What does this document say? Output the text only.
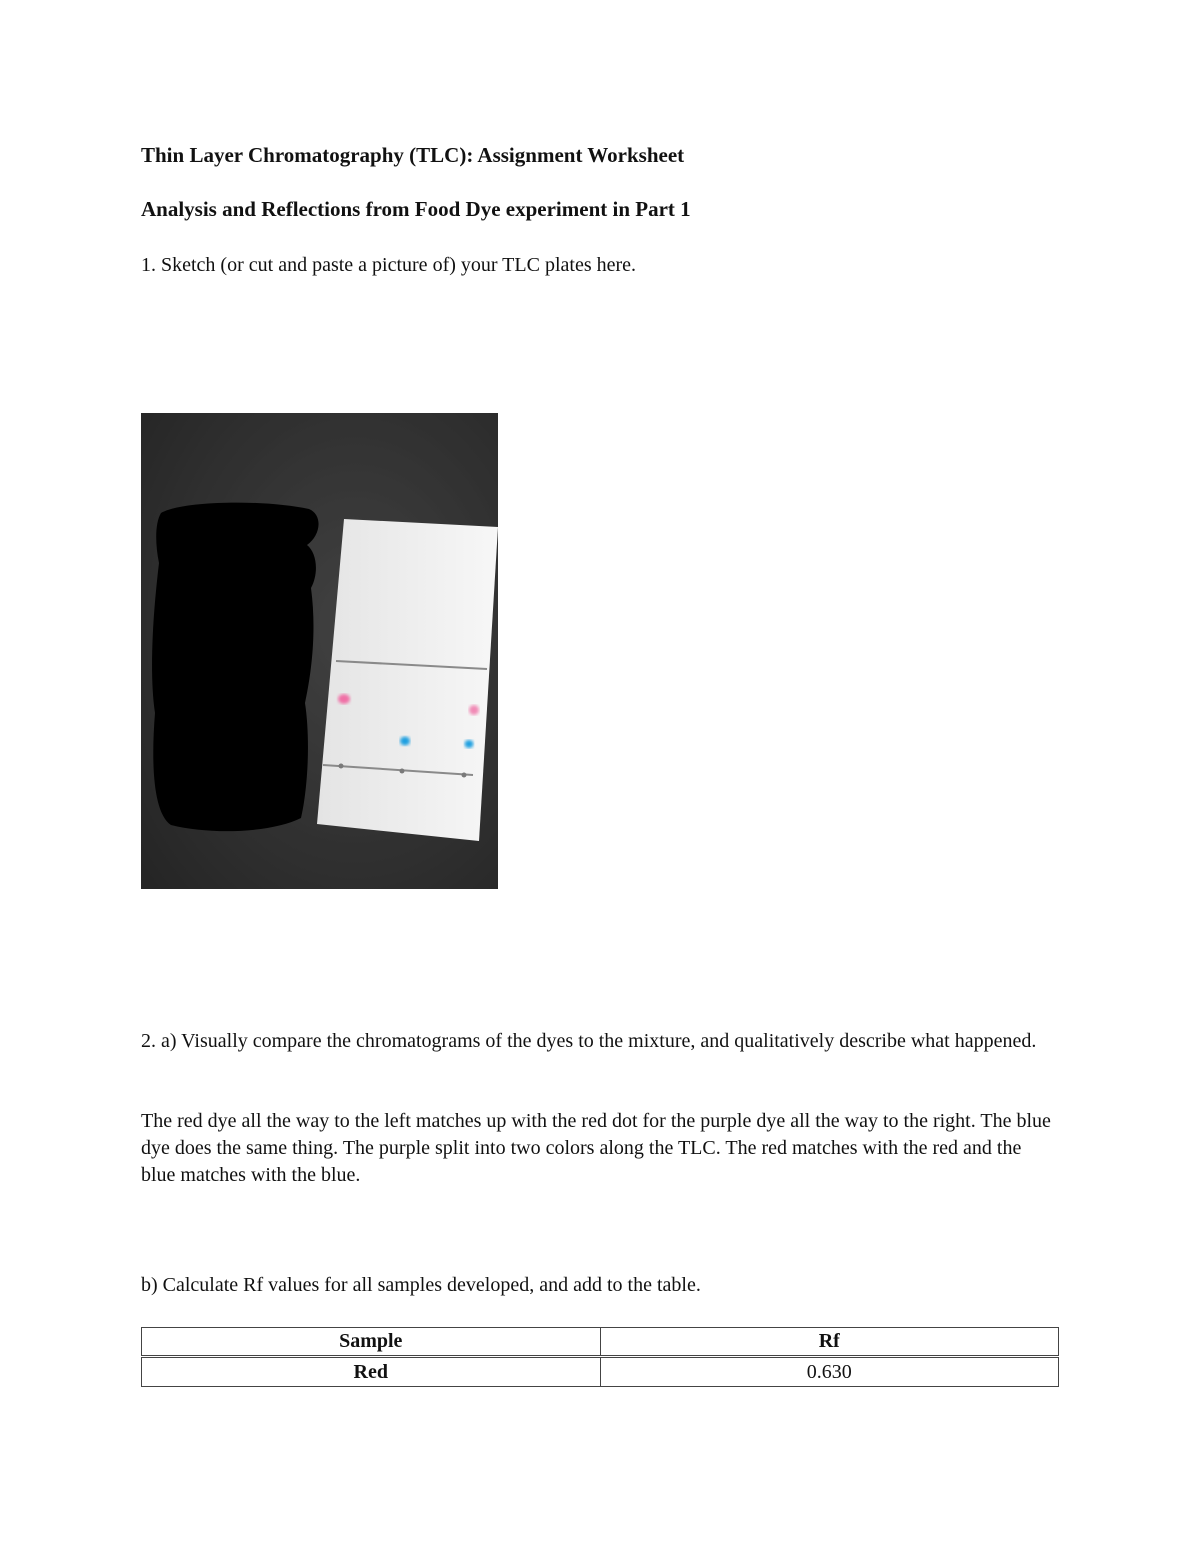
Thin Layer Chromatography (TLC): Assignment Worksheet
Analysis and Reflections from Food Dye experiment in Part 1

1. Sketch (or cut and paste a picture of) your TLC plates here.

2. a) Visually compare the chromatograms of the dyes to the mixture, and qualitatively describe what happened.

The red dye all the way to the left matches up with the red dot for the purple dye all the way to the right. The blue dye does the same thing. The purple split into two colors along the TLC. The red matches with the red and the blue matches with the blue.

b) Calculate Rf values for all samples developed, and add to the table.

Sample	Rf
Red	0.630
